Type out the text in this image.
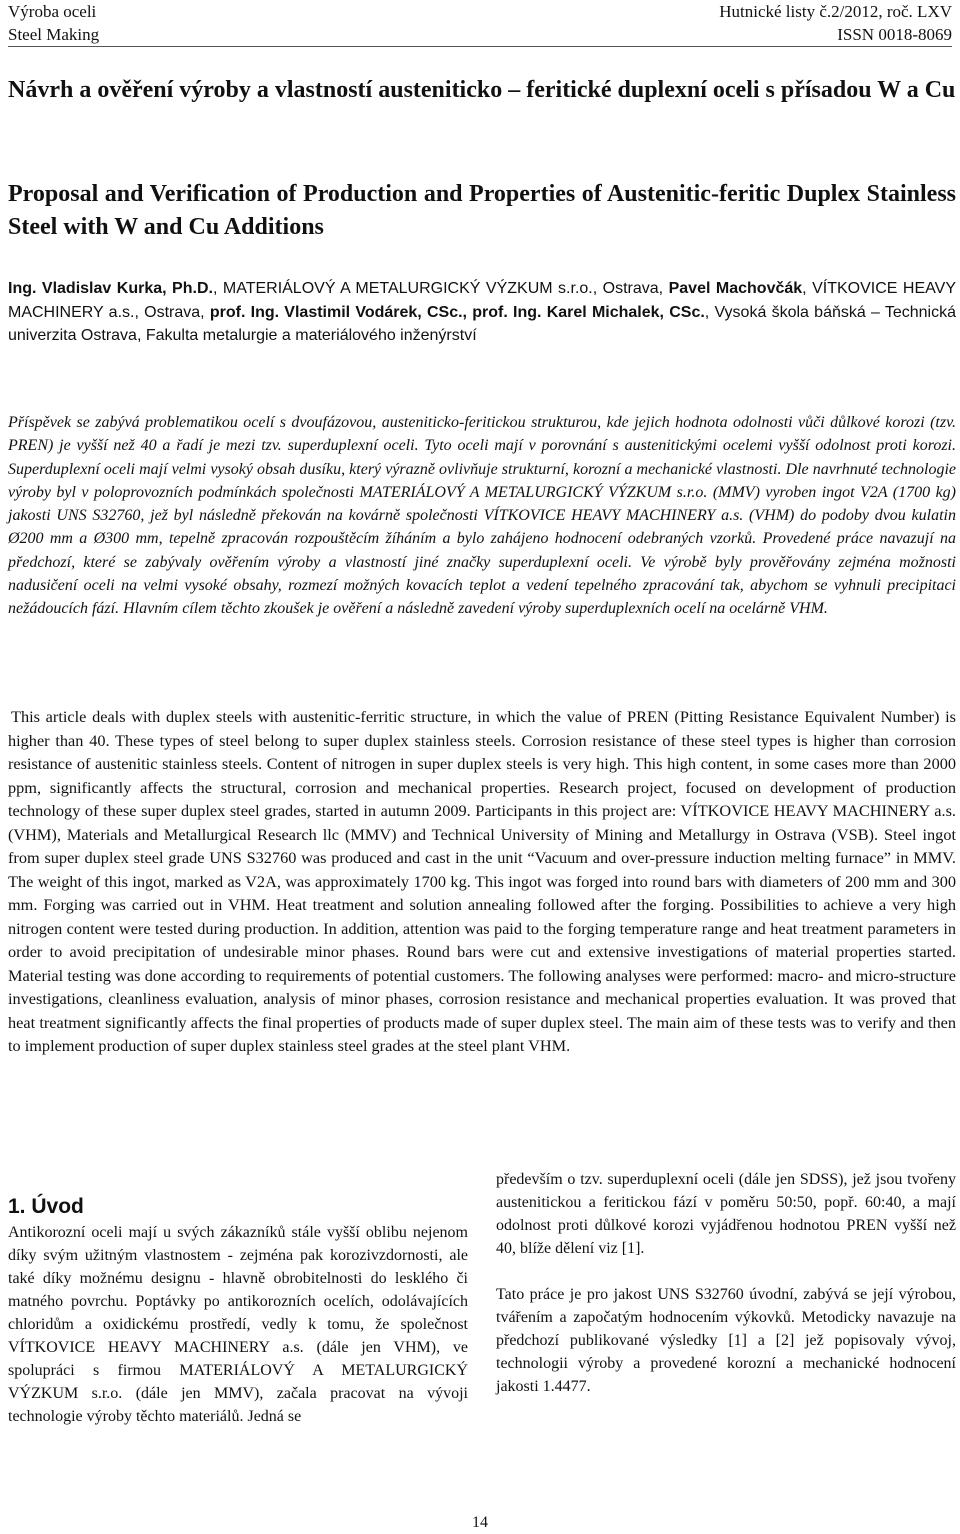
Výroba oceli
Steel Making
Hutnické listy č.2/2012, roč. LXV
ISSN 0018-8069
Návrh a ověření výroby a vlastností austeniticko – feritické duplexní oceli s přísadou W a Cu
Proposal and Verification of Production and Properties of Austenitic-feritic Duplex Stainless Steel with W and Cu Additions

Ing. Vladislav Kurka, Ph.D., MATERIÁLOVÝ A METALURGICKÝ VÝZKUM s.r.o., Ostrava, Pavel Machovčák, VÍTKOVICE HEAVY MACHINERY a.s., Ostrava, prof. Ing. Vlastimil Vodárek, CSc., prof. Ing. Karel Michalek, CSc., Vysoká škola báňská – Technická univerzita Ostrava, Fakulta metalurgie a materiálového inženýrství

Příspěvek se zabývá problematikou ocelí s dvoufázovou, austeniticko-feritickou strukturou, kde jejich hodnota odolnosti vůči důlkové korozi (tzv. PREN) je vyšší než 40 a řadí je mezi tzv. superduplexní oceli. Tyto oceli mají v porovnání s austenitickými ocelemi vyšší odolnost proti korozi. Superduplexní oceli mají velmi vysoký obsah dusíku, který výrazně ovlivňuje strukturní, korozní a mechanické vlastnosti. Dle navrhnuté technologie výroby byl v poloprovozních podmínkách společnosti MATERIÁLOVÝ A METALURGICKÝ VÝZKUM s.r.o. (MMV) vyroben ingot V2A (1700 kg) jakosti UNS S32760, jež byl následně překován na kovárně společnosti VÍTKOVICE HEAVY MACHINERY a.s. (VHM) do podoby dvou kulatin Ø200 mm a Ø300 mm, tepelně zpracován rozpouštěcím žíháním a bylo zahájeno hodnocení odebraných vzorků. Provedené práce navazují na předchozí, které se zabývaly ověřením výroby a vlastností jiné značky superduplexní oceli. Ve výrobě byly prověřovány zejména možnosti nadusičení oceli na velmi vysoké obsahy, rozmezí možných kovacích teplot a vedení tepelného zpracování tak, abychom se vyhnuli precipitaci nežádoucích fází. Hlavním cílem těchto zkoušek je ověření a následně zavedení výroby superduplexních ocelí na ocelárně VHM.

This article deals with duplex steels with austenitic-ferritic structure, in which the value of PREN (Pitting Resistance Equivalent Number) is higher than 40. These types of steel belong to super duplex stainless steels. Corrosion resistance of these steel types is higher than corrosion resistance of austenitic stainless steels. Content of nitrogen in super duplex steels is very high. This high content, in some cases more than 2000 ppm, significantly affects the structural, corrosion and mechanical properties. Research project, focused on development of production technology of these super duplex steel grades, started in autumn 2009. Participants in this project are: VÍTKOVICE HEAVY MACHINERY a.s. (VHM), Materials and Metallurgical Research llc (MMV) and Technical University of Mining and Metallurgy in Ostrava (VSB). Steel ingot from super duplex steel grade UNS S32760 was produced and cast in the unit “Vacuum and over-pressure induction melting furnace” in MMV. The weight of this ingot, marked as V2A, was approximately 1700 kg. This ingot was forged into round bars with diameters of 200 mm and 300 mm. Forging was carried out in VHM. Heat treatment and solution annealing followed after the forging. Possibilities to achieve a very high nitrogen content were tested during production. In addition, attention was paid to the forging temperature range and heat treatment parameters in order to avoid precipitation of undesirable minor phases. Round bars were cut and extensive investigations of material properties started. Material testing was done according to requirements of potential customers. The following analyses were performed: macro- and micro-structure investigations, cleanliness evaluation, analysis of minor phases, corrosion resistance and mechanical properties evaluation. It was proved that heat treatment significantly affects the final properties of products made of super duplex steel. The main aim of these tests was to verify and then to implement production of super duplex stainless steel grades at the steel plant VHM.

1. Úvod

Antikorozní oceli mají u svých zákazníků stále vyšší oblibu nejenom díky svým užitným vlastnostem - zejména pak korozivzdornosti, ale také díky možnému designu - hlavně obrobitelnosti do lesklého či matného povrchu. Poptávky po antikorozních ocelích, odolávajících chloridům a oxidickému prostředí, vedly k tomu, že společnost VÍTKOVICE HEAVY MACHINERY a.s. (dále jen VHM), ve spolupráci s firmou MATERIÁLOVÝ A METALURGICKÝ VÝZKUM s.r.o. (dále jen MMV), začala pracovat na vývoji technologie výroby těchto materiálů. Jedná se

především o tzv. superduplexní oceli (dále jen SDSS), jež jsou tvořeny austenitickou a feritickou fází v poměru 50:50, popř. 60:40, a mají odolnost proti důlkové korozi vyjádřenou hodnotou PREN vyšší než 40, blíže dělení viz [1].

Tato práce je pro jakost UNS S32760 úvodní, zabývá se její výrobou, tvářením a započatým hodnocením výkovků. Metodicky navazuje na předchozí publikované výsledky [1] a [2] jež popisovaly vývoj, technologii výroby a provedené korozní a mechanické hodnocení jakosti 1.4477.

14
